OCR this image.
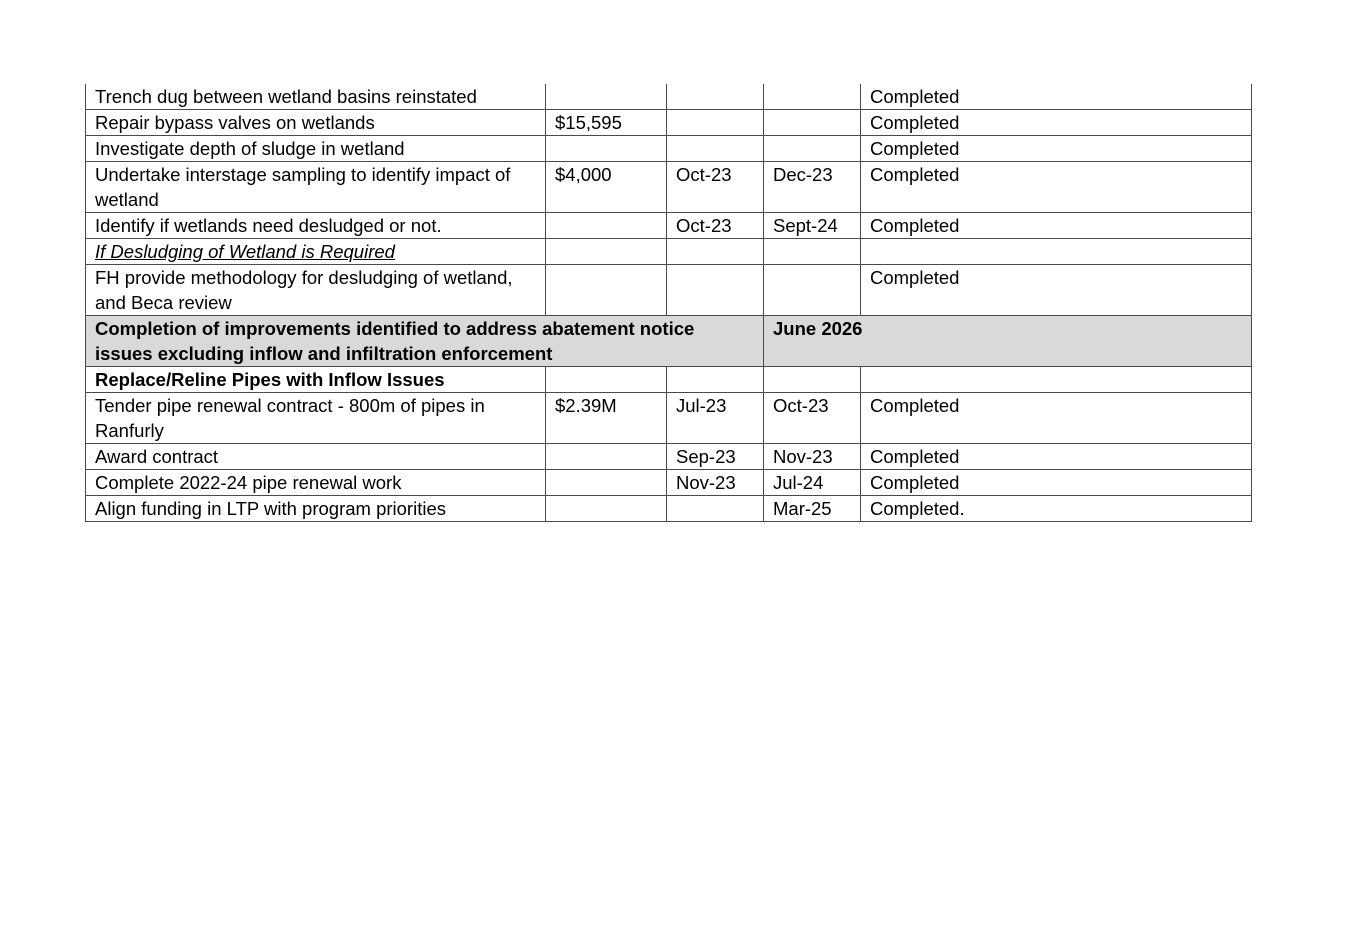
Trench dug between wetland basins reinstated				Completed
Repair bypass valves on wetlands	$15,595			Completed
Investigate depth of sludge in wetland				Completed
Undertake interstage sampling to identify impact of wetland	$4,000	Oct-23	Dec-23	Completed
Identify if wetlands need desludged or not.		Oct-23	Sept-24	Completed
If Desludging of Wetland is Required				
FH provide methodology for desludging of wetland, and Beca review				Completed
Completion of improvements identified to address abatement notice issues excluding inflow and infiltration enforcement			June 2026	
Replace/Reline Pipes with Inflow Issues				
Tender pipe renewal contract - 800m of pipes in Ranfurly	$2.39M	Jul-23	Oct-23	Completed
Award contract		Sep-23	Nov-23	Completed
Complete 2022-24 pipe renewal work		Nov-23	Jul-24	Completed
Align funding in LTP with program priorities			Mar-25	Completed.
